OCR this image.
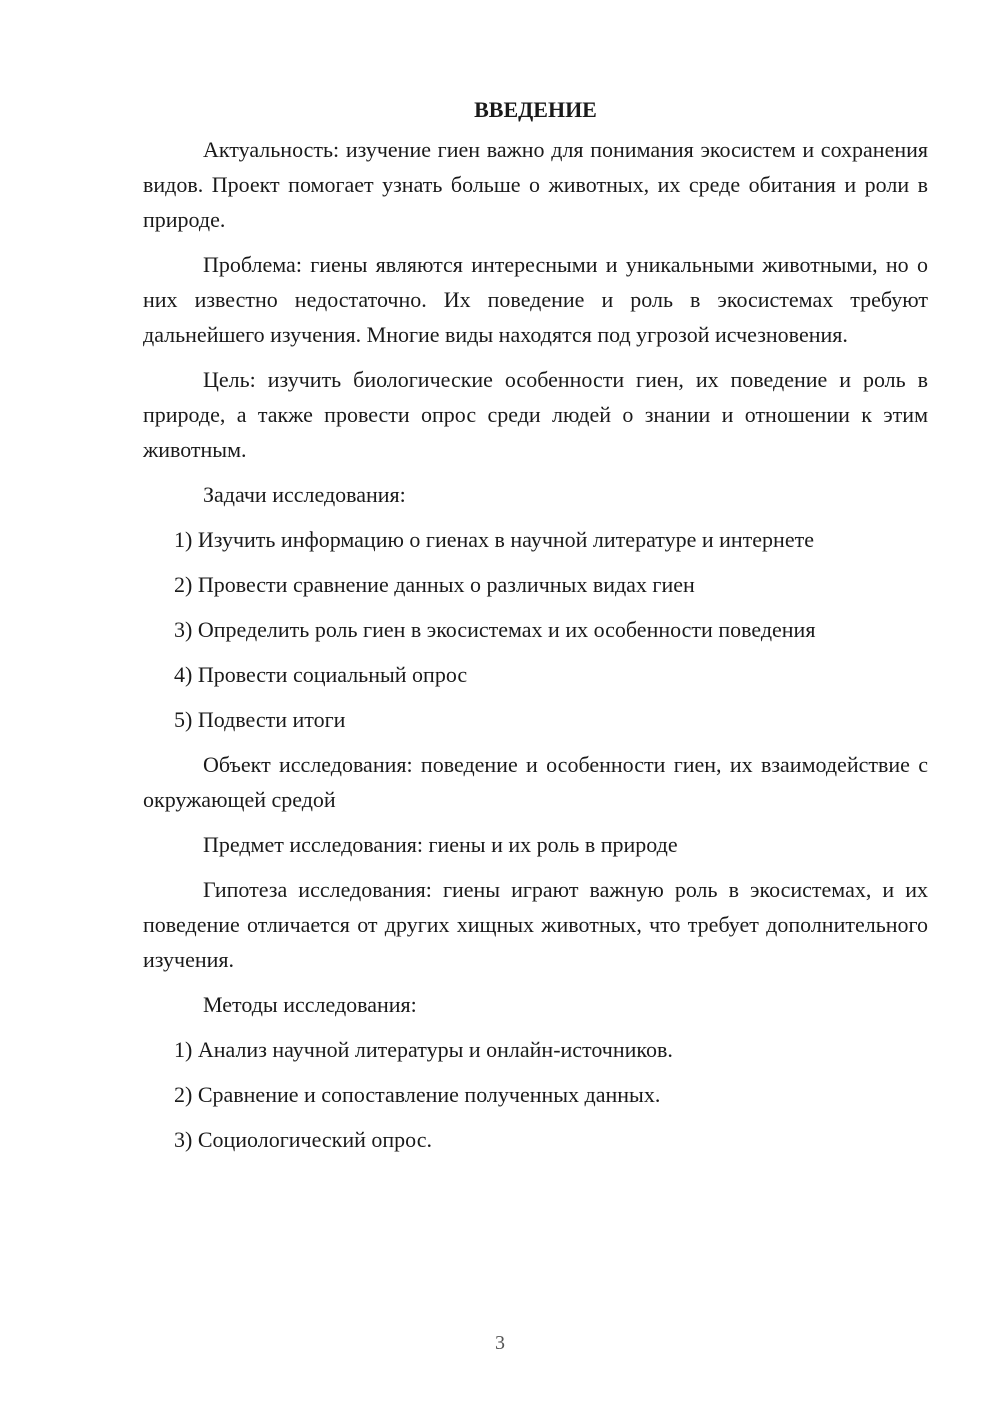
ВВЕДЕНИЕ

Актуальность: изучение гиен важно для понимания экосистем и сохранения видов. Проект помогает узнать больше о животных, их среде обитания и роли в природе.

Проблема: гиены являются интересными и уникальными животными, но о них известно недостаточно. Их поведение и роль в экосистемах требуют дальнейшего изучения. Многие виды находятся под угрозой исчезновения.

Цель: изучить биологические особенности гиен, их поведение и роль в природе, а также провести опрос среди людей о знании и отношении к этим животным.

Задачи исследования:

1) Изучить информацию о гиенах в научной литературе и интернете

2) Провести сравнение данных о различных видах гиен

3) Определить роль гиен в экосистемах и их особенности поведения

4) Провести социальный опрос

5) Подвести итоги

Объект исследования: поведение и особенности гиен, их взаимодействие с окружающей средой

Предмет исследования: гиены и их роль в природе

Гипотеза исследования: гиены играют важную роль в экосистемах, и их поведение отличается от других хищных животных, что требует дополнительного изучения.

Методы исследования:

1) Анализ научной литературы и онлайн-источников.

2) Сравнение и сопоставление полученных данных.

3) Социологический опрос.

3
